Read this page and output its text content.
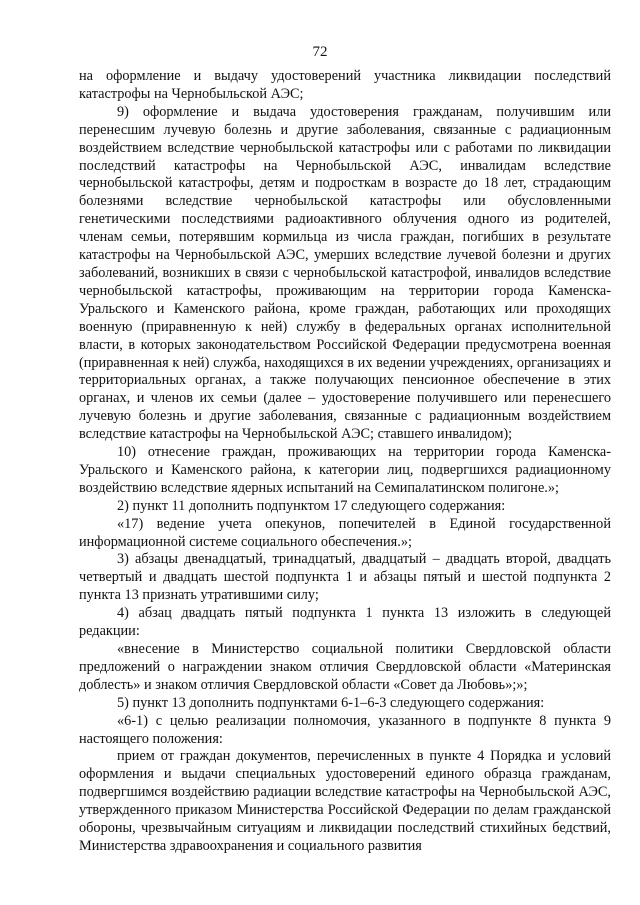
72

на оформление и выдачу удостоверений участника ликвидации последствий катастрофы на Чернобыльской АЭС;

9) оформление и выдача удостоверения гражданам, получившим или перенесшим лучевую болезнь и другие заболевания, связанные с радиационным воздействием вследствие чернобыльской катастрофы или с работами по ликвидации последствий катастрофы на Чернобыльской АЭС, инвалидам вследствие чернобыльской катастрофы, детям и подросткам в возрасте до 18 лет, страдающим болезнями вследствие чернобыльской катастрофы или обусловленными генетическими последствиями радиоактивного облучения одного из родителей, членам семьи, потерявшим кормильца из числа граждан, погибших в результате катастрофы на Чернобыльской АЭС, умерших вследствие лучевой болезни и других заболеваний, возникших в связи с чернобыльской катастрофой, инвалидов вследствие чернобыльской катастрофы, проживающим на территории города Каменска-Уральского и Каменского района, кроме граждан, работающих или проходящих военную (приравненную к ней) службу в федеральных органах исполнительной власти, в которых законодательством Российской Федерации предусмотрена военная (приравненная к ней) служба, находящихся в их ведении учреждениях, организациях и территориальных органах, а также получающих пенсионное обеспечение в этих органах, и членов их семьи (далее – удостоверение получившего или перенесшего лучевую болезнь и другие заболевания, связанные с радиационным воздействием вследствие катастрофы на Чернобыльской АЭС; ставшего инвалидом);

10) отнесение граждан, проживающих на территории города Каменска-Уральского и Каменского района, к категории лиц, подвергшихся радиационному воздействию вследствие ядерных испытаний на Семипалатинском полигоне.»;

2) пункт 11 дополнить подпунктом 17 следующего содержания:

«17) ведение учета опекунов, попечителей в Единой государственной информационной системе социального обеспечения.»;

3) абзацы двенадцатый, тринадцатый, двадцатый – двадцать второй, двадцать четвертый и двадцать шестой подпункта 1 и абзацы пятый и шестой подпункта 2 пункта 13 признать утратившими силу;

4) абзац двадцать пятый подпункта 1 пункта 13 изложить в следующей редакции:

«внесение в Министерство социальной политики Свердловской области предложений о награждении знаком отличия Свердловской области «Материнская доблесть» и знаком отличия Свердловской области «Совет да Любовь»;»;

5) пункт 13 дополнить подпунктами 6-1–6-3 следующего содержания:

«6-1) с целью реализации полномочия, указанного в подпункте 8 пункта 9 настоящего положения:

прием от граждан документов, перечисленных в пункте 4 Порядка и условий оформления и выдачи специальных удостоверений единого образца гражданам, подвергшимся воздействию радиации вследствие катастрофы на Чернобыльской АЭС, утвержденного приказом Министерства Российской Федерации по делам гражданской обороны, чрезвычайным ситуациям и ликвидации последствий стихийных бедствий, Министерства здравоохранения и социального развития
